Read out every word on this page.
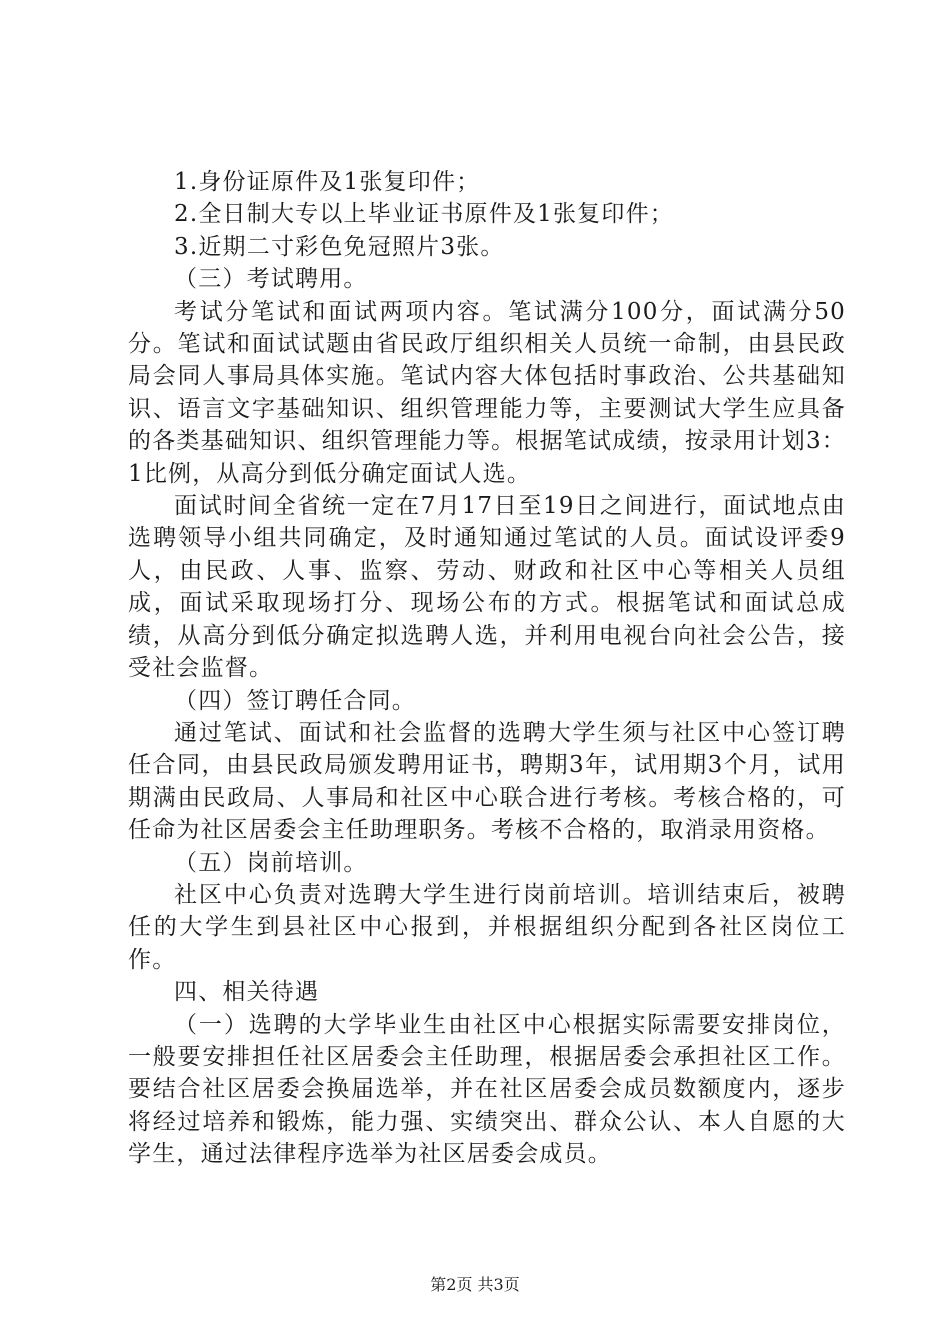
1.身份证原件及1张复印件；

2.全日制大专以上毕业证书原件及1张复印件；

3.近期二寸彩色免冠照片3张。

（三）考试聘用。

考试分笔试和面试两项内容。笔试满分100分，面试满分50分。笔试和面试试题由省民政厅组织相关人员统一命制，由县民政局会同人事局具体实施。笔试内容大体包括时事政治、公共基础知识、语言文字基础知识、组织管理能力等，主要测试大学生应具备的各类基础知识、组织管理能力等。根据笔试成绩，按录用计划3：1比例，从高分到低分确定面试人选。

面试时间全省统一定在7月17日至19日之间进行，面试地点由选聘领导小组共同确定，及时通知通过笔试的人员。面试设评委9人，由民政、人事、监察、劳动、财政和社区中心等相关人员组成，面试采取现场打分、现场公布的方式。根据笔试和面试总成绩，从高分到低分确定拟选聘人选，并利用电视台向社会公告，接受社会监督。

（四）签订聘任合同。

通过笔试、面试和社会监督的选聘大学生须与社区中心签订聘任合同，由县民政局颁发聘用证书，聘期3年，试用期3个月，试用期满由民政局、人事局和社区中心联合进行考核。考核合格的，可任命为社区居委会主任助理职务。考核不合格的，取消录用资格。

（五）岗前培训。

社区中心负责对选聘大学生进行岗前培训。培训结束后，被聘任的大学生到县社区中心报到，并根据组织分配到各社区岗位工作。

四、相关待遇

（一）选聘的大学毕业生由社区中心根据实际需要安排岗位，一般要安排担任社区居委会主任助理，根据居委会承担社区工作。要结合社区居委会换届选举，并在社区居委会成员数额度内，逐步将经过培养和锻炼，能力强、实绩突出、群众公认、本人自愿的大学生，通过法律程序选举为社区居委会成员。

第2页 共3页
